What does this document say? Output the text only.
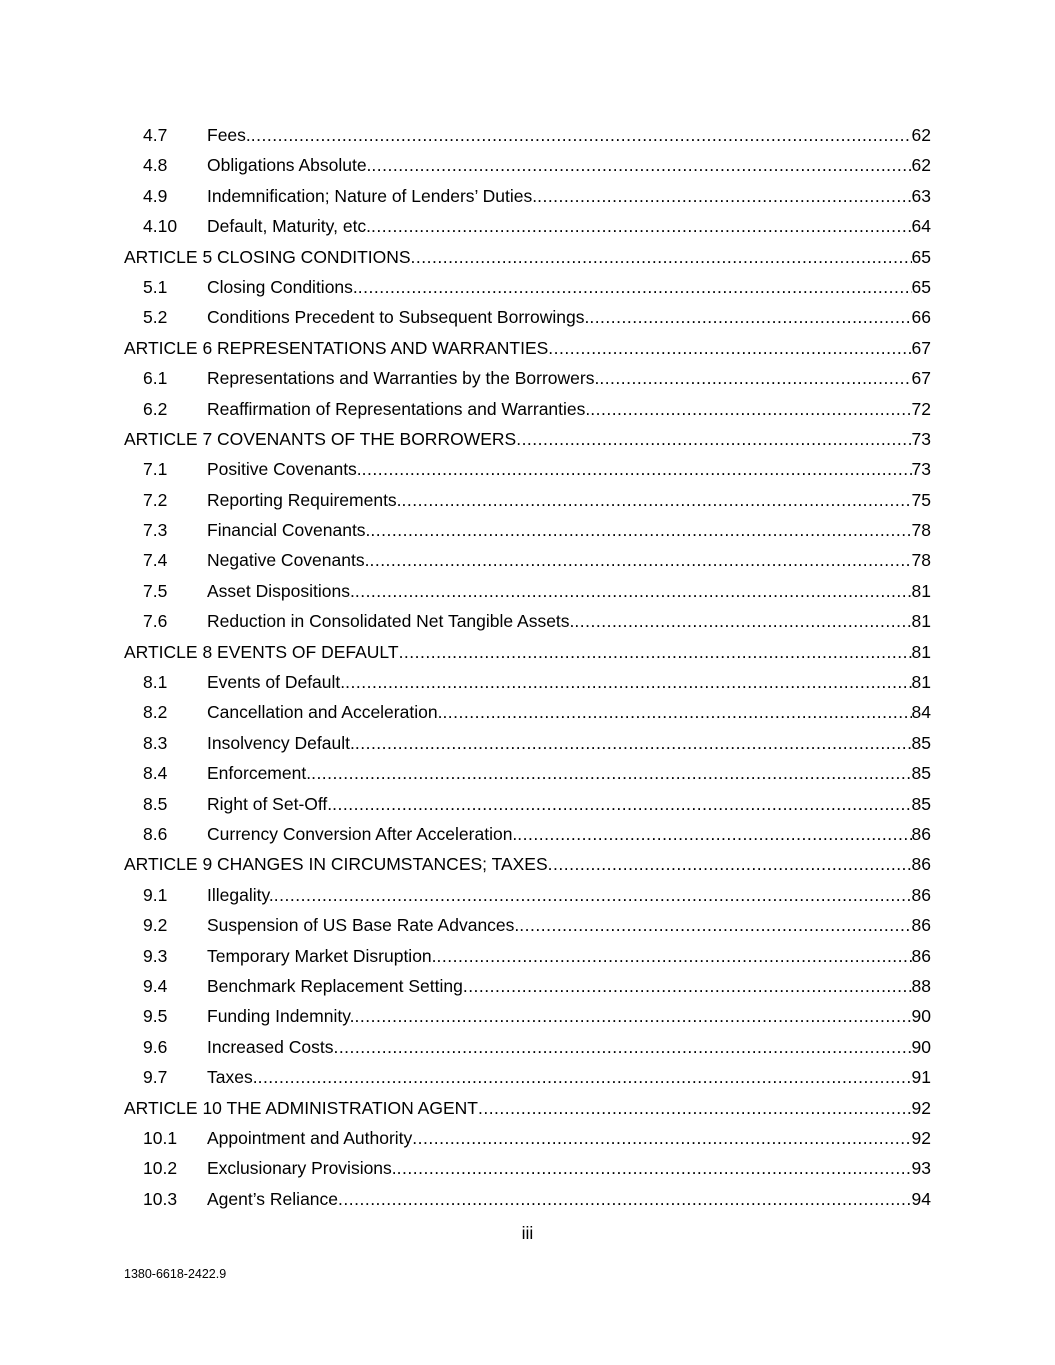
4.7	Fees. .....	62
4.8	Obligations Absolute. .....	62
4.9	Indemnification; Nature of Lenders’ Duties. .....	63
4.10	Default, Maturity, etc. .....	64
ARTICLE 5 CLOSING CONDITIONS .....	65
5.1	Closing Conditions. .....	65
5.2	Conditions Precedent to Subsequent Borrowings. .....	66
ARTICLE 6 REPRESENTATIONS AND WARRANTIES .....	67
6.1	Representations and Warranties by the Borrowers. .....	67
6.2	Reaffirmation of Representations and Warranties. .....	72
ARTICLE 7 COVENANTS OF THE BORROWERS .....	73
7.1	Positive Covenants. .....	73
7.2	Reporting Requirements. .....	75
7.3	Financial Covenants. .....	78
7.4	Negative Covenants. .....	78
7.5	Asset Dispositions. .....	81
7.6	Reduction in Consolidated Net Tangible Assets. .....	81
ARTICLE 8 EVENTS OF DEFAULT .....	81
8.1	Events of Default. .....	81
8.2	Cancellation and Acceleration. .....	84
8.3	Insolvency Default. .....	85
8.4	Enforcement. .....	85
8.5	Right of Set-Off. .....	85
8.6	Currency Conversion After Acceleration. .....	86
ARTICLE 9 CHANGES IN CIRCUMSTANCES; TAXES .....	86
9.1	Illegality. .....	86
9.2	Suspension of US Base Rate Advances. .....	86
9.3	Temporary Market Disruption. .....	86
9.4	Benchmark Replacement Setting .....	88
9.5	Funding Indemnity. .....	90
9.6	Increased Costs .....	90
9.7	Taxes. .....	91
ARTICLE 10 THE ADMINISTRATION AGENT .....	92
10.1	Appointment and Authority .....	92
10.2	Exclusionary Provisions. .....	93
10.3	Agent’s Reliance .....	94
iii
1380-6618-2422.9
